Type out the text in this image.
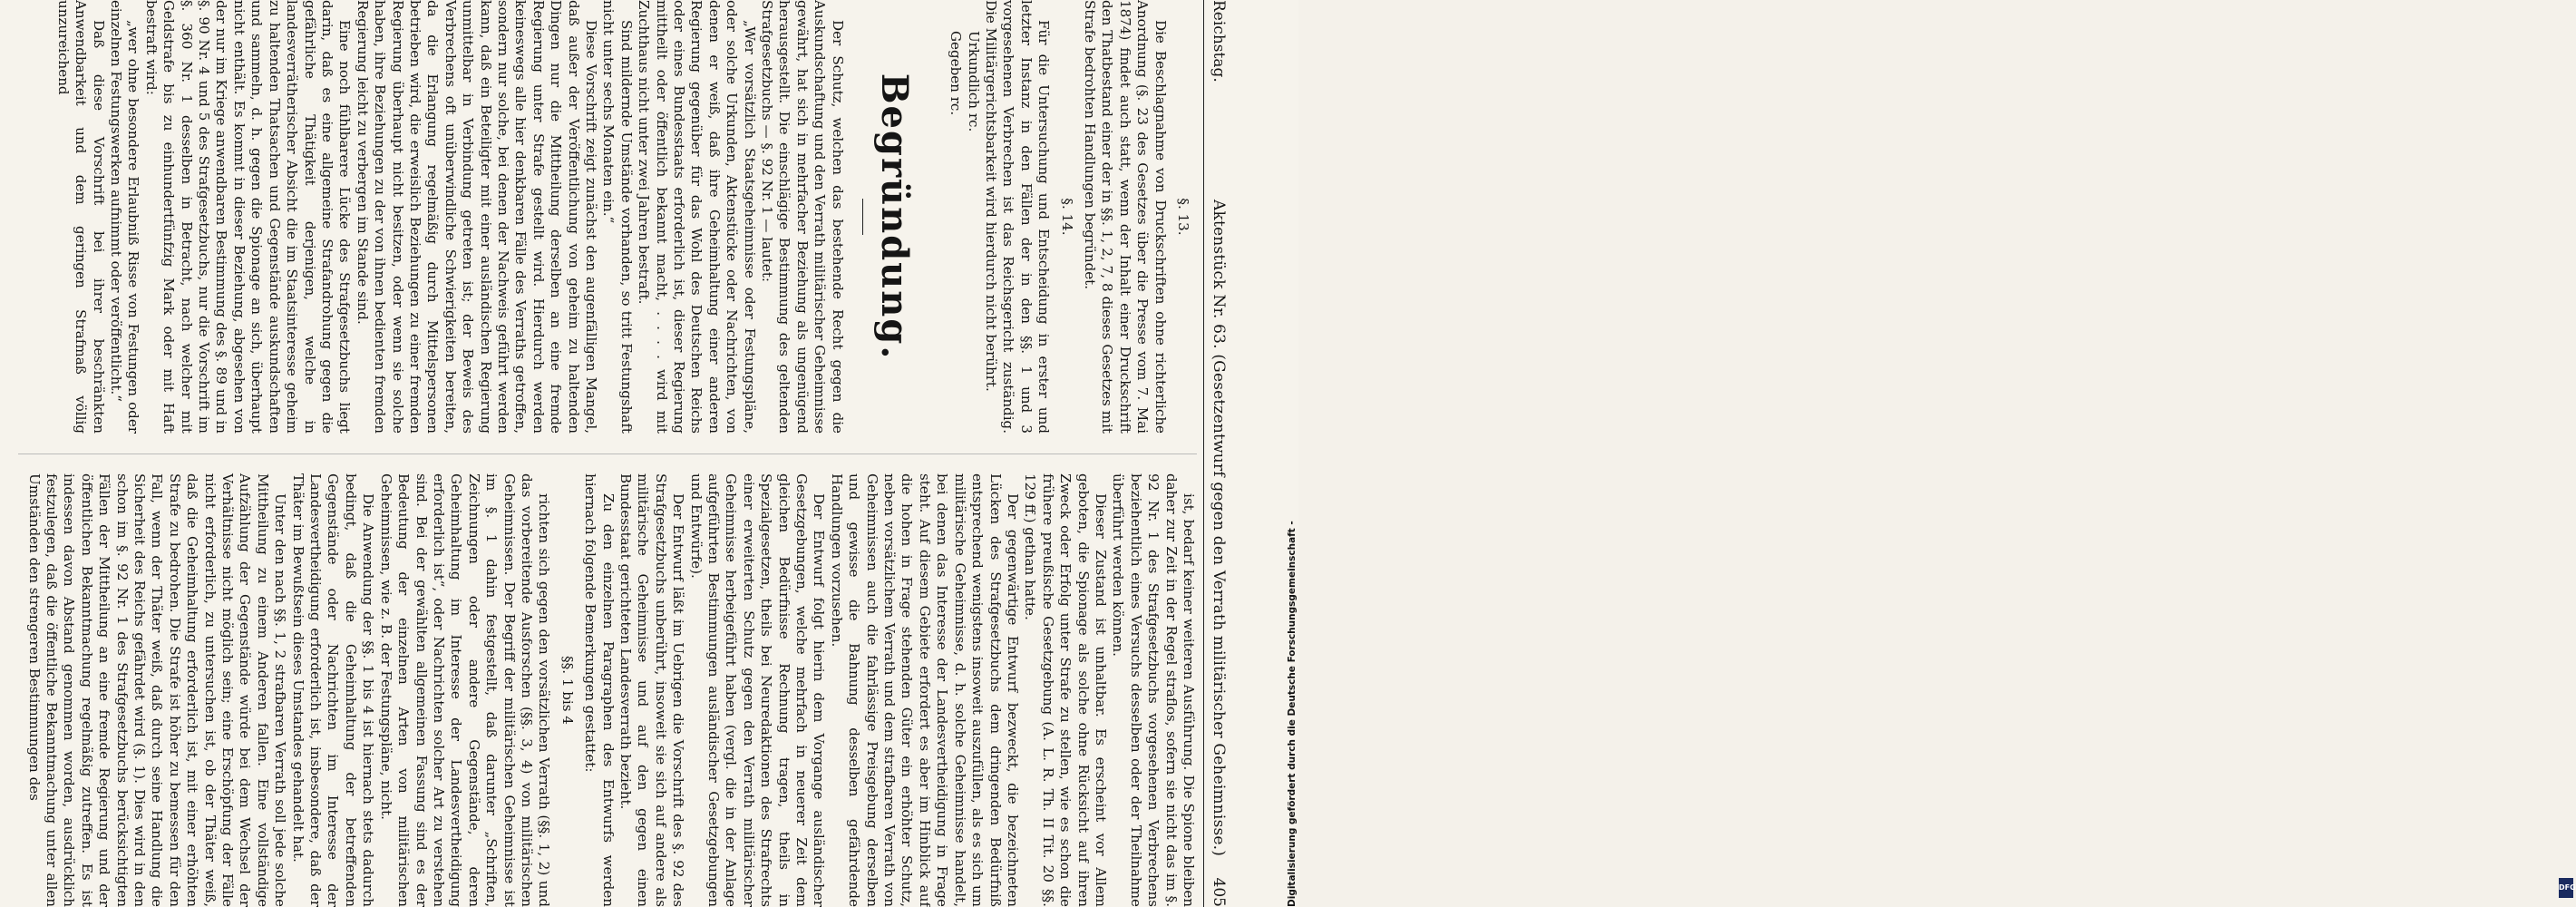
Reichstag.
Aktenstück Nr. 63. (Gesetzentwurf gegen den Verrath militärischer Geheimnisse.)
405

§. 13.

Die Beschlagnahme von Druckschriften ohne richterliche Anordnung (§. 23 des Gesetzes über die Presse vom 7. Mai 1874) findet auch statt, wenn der Inhalt einer Druckschrift den Thatbestand einer der in §§. 1, 2, 7, 8 dieses Gesetzes mit Strafe bedrohten Handlungen begründet.

§. 14.

Für die Untersuchung und Entscheidung in erster und letzter Instanz in den Fällen der in den §§. 1 und 3 vorgesehenen Verbrechen ist das Reichsgericht zuständig. Die Militärgerichtsbarkeit wird hierdurch nicht berührt.

Urkundlich rc.

Gegeben rc.

Begründung.

Der Schutz, welchen das bestehende Recht gegen die Auskundschaftung und den Verrath militärischer Geheimnisse gewährt, hat sich in mehrfacher Beziehung als ungenügend herausgestellt. Die einschlägige Bestimmung des geltenden Strafgesetzbuchs — §. 92 Nr. 1 — lautet:

„Wer vorsätzlich Staatsgeheimnisse oder Festungspläne, oder solche Urkunden, Aktenstücke oder Nachrichten, von denen er weiß, daß ihre Geheimhaltung einer anderen Regierung gegenüber für das Wohl des Deutschen Reichs oder eines Bundesstaats erforderlich ist, dieser Regierung mittheilt oder öffentlich bekannt macht, . . . . wird mit Zuchthaus nicht unter zwei Jahren bestraft.

Sind mildernde Umstände vorhanden, so tritt Festungshaft nicht unter sechs Monaten ein.“

Diese Vorschrift zeigt zunächst den augenfälligen Mangel, daß außer der Veröffentlichung von geheim zu haltenden Dingen nur die Mittheilung derselben an eine fremde Regierung unter Strafe gestellt wird. Hierdurch werden keineswegs alle hier denkbaren Fälle des Verraths getroffen, sondern nur solche, bei denen der Nachweis geführt werden kann, daß ein Beteiligter mit einer ausländischen Regierung unmittelbar in Verbindung getreten ist; der Beweis des Verbrechens oft unüberwindliche Schwierigkeiten bereiten, da die Erlangung regelmäßig durch Mittelspersonen betrieben wird, die erweislich Beziehungen zu einer fremden Regierung überhaupt nicht besitzen, oder wenn sie solche haben, ihre Beziehungen zu der von ihnen bedienten fremden Regierung leicht zu verbergen im Stande sind.

Eine noch fühlbarere Lücke des Strafgesetzbuchs liegt darin, daß es eine allgemeine Strafandrohung gegen die gefährliche Thätigkeit derjenigen, welche in landesverrätherischer Absicht die im Staatsinteresse geheim zu haltenden Thatsachen und Gegenstände auskundschaften und sammeln, d. h. gegen die Spionage an sich, überhaupt nicht enthält. Es kommt in dieser Beziehung, abgesehen von der nur im Kriege anwendbaren Bestimmung des §. 89 und in §. 90 Nr. 4 und 5 des Strafgesetzbuchs, nur die Vorschrift im §. 360 Nr. 1 desselben in Betracht, nach welcher mit Geldstrafe bis zu einhundertfünfzig Mark oder mit Haft bestraft wird:

„wer ohne besondere Erlaubniß Risse von Festungen oder einzelnen Festungswerken aufnimmt oder veröffentlicht.“

Daß diese Vorschrift bei ihrer beschränkten Anwendbarkeit und dem geringen Strafmaß völlig unzureichend

ist, bedarf keiner weiteren Ausführung. Die Spione bleiben daher zur Zeit in der Regel straflos, sofern sie nicht das im §. 92 Nr. 1 des Strafgesetzbuchs vorgesehenen Verbrechens beziehentlich eines Versuchs desselben oder der Theilnahme überführt werden können.

Dieser Zustand ist unhaltbar. Es erscheint vor Allem geboten, die Spionage als solche ohne Rücksicht auf ihren Zweck oder Erfolg unter Strafe zu stellen, wie es schon die frühere preußische Gesetzgebung (A. L. R. Th. II Tit. 20 §§. 129 ff.) gethan hatte.

Der gegenwärtige Entwurf bezweckt, die bezeichneten Lücken des Strafgesetzbuchs dem dringenden Bedürfniß entsprechend wenigstens insoweit auszufüllen, als es sich um militärische Geheimnisse, d. h. solche Geheimnisse handelt, bei denen das Interesse der Landesvertheidigung in Frage steht. Auf diesem Gebiete erfordert es aber im Hinblick auf die hohen in Frage stehenden Güter ein erhöhter Schutz, neben vorsätzlichem Verrath und dem strafbaren Verrath von Geheimnissen auch die fahrlässige Preisgebung derselben und gewisse die Bahnung desselben gefährdende Handlungen vorzusehen.

Der Entwurf folgt hierin dem Vorgange ausländischer Gesetzgebungen, welche mehrfach in neuerer Zeit dem gleichen Bedürfnisse Rechnung tragen, theils in Spezialgesetzen, theils bei Neuredaktionen des Strafrechts einer erweiterten Schutz gegen den Verrath militärischer Geheimnisse herbeigeführt haben (vergl. die in der Anlage aufgeführten Bestimmungen ausländischer Gesetzgebungen und Entwürfe).

Der Entwurf läßt im Uebrigen die Vorschrift des §. 92 des Strafgesetzbuchs unberührt, insoweit sie sich auf andere als militärische Geheimnisse und auf den gegen einen Bundesstaat gerichteten Landesverrath bezieht.

Zu den einzelnen Paragraphen des Entwurfs werden hiernach folgende Bemerkungen gestattet:

§§. 1 bis 4

richten sich gegen den vorsätzlichen Verrath (§§. 1, 2) und das vorbereitende Ausforschen (§§. 3, 4) von militärischen Geheimnissen. Der Begriff der militärischen Geheimnisse ist im §. 1 dahin festgestellt, daß darunter „Schriften, Zeichnungen oder andere Gegenstände, deren Geheimhaltung im Interesse der Landesvertheidigung erforderlich ist“, oder Nachrichten solcher Art zu verstehen sind. Bei der gewählten allgemeinen Fassung sind es der Bedeutung der einzelnen Arten von militärischen Geheimnissen, wie z. B. der Festungspläne, nicht.

Die Anwendung der §§. 1 bis 4 ist hiernach stets dadurch bedingt, daß die Geheimhaltung der betreffenden Gegenstände oder Nachrichten im Interesse der Landesvertheidigung erforderlich ist, insbesondere, daß der Thäter im Bewußtsein dieses Umstandes gehandelt hat.

Unter den nach §§. 1, 2 strafbaren Verrath soll jede solche Mittheilung zu einem Anderen fallen. Eine vollständige Aufzählung der Gegenstände würde bei dem Wechsel der Verhältnisse nicht möglich sein; eine Erschöpfung der Fälle nicht erforderlich, zu untersuchen ist, ob der Thäter weiß, daß die Geheimhaltung erforderlich ist, mit einer erhöhten Strafe zu bedrohen. Die Strafe ist höher zu bemessen für den Fall, wenn der Thäter weiß, daß durch seine Handlung die Sicherheit des Reichs gefährdet wird (§. 1). Dies wird in den schon im §. 92 Nr. 1 des Strafgesetzbuchs berücksichtigten Fällen der Mittheilung an eine fremde Regierung und der öffentlichen Bekanntmachung regelmäßig zutreffen. Es ist indessen davon Abstand genommen worden, ausdrücklich festzulegen, daß die öffentliche Bekanntmachung unter allen Umständen den strengeren Bestimmungen des	Digitalisierung gefördert durch die Deutsche Forschungsgemeinschaft -	DFG
